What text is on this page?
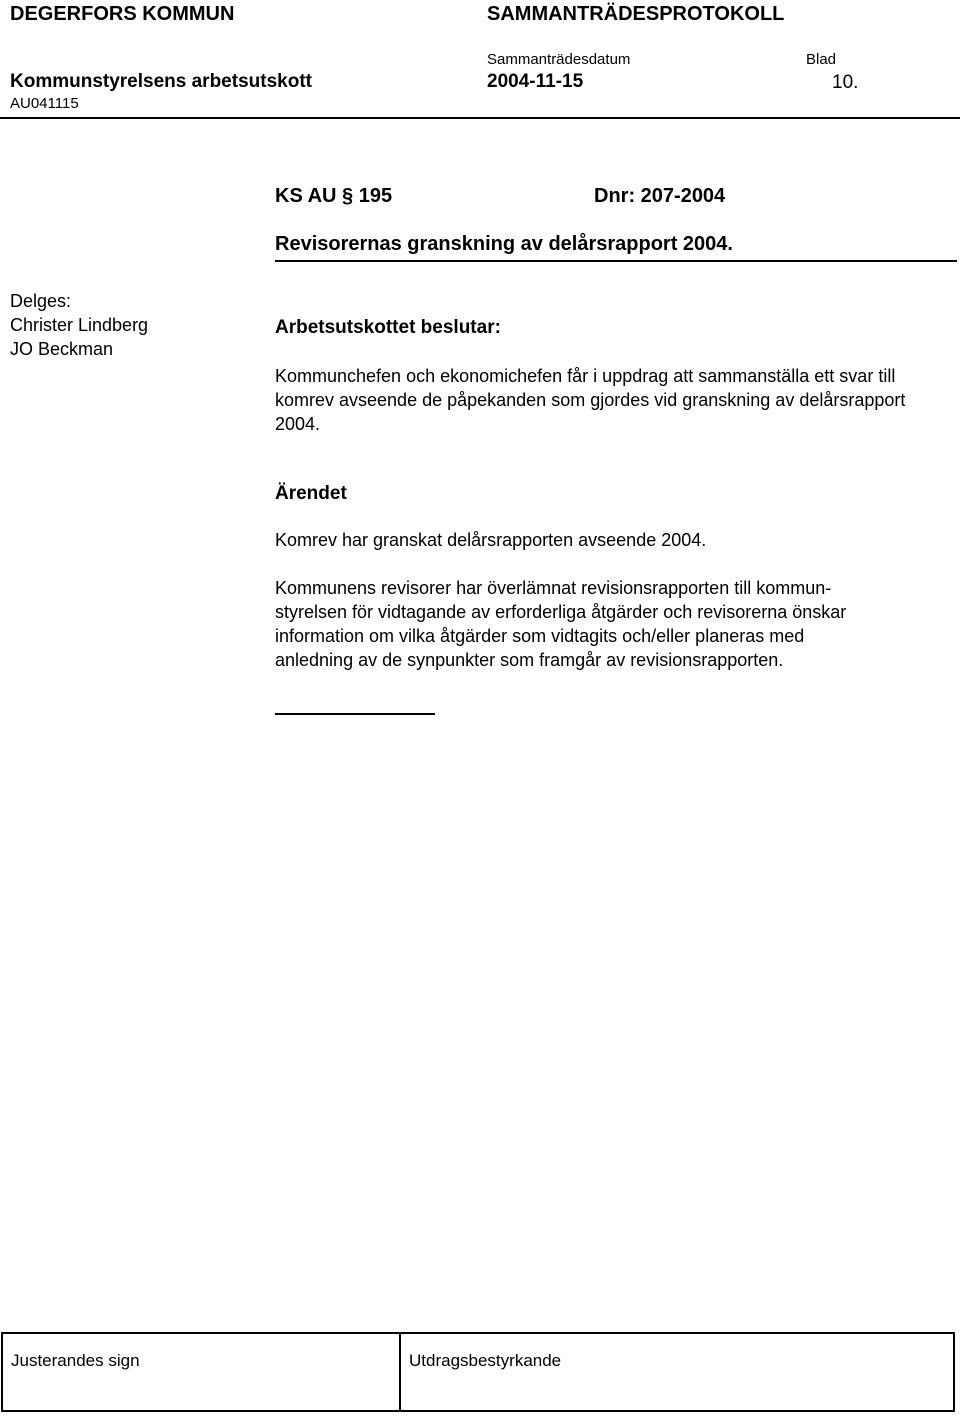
DEGERFORS KOMMUN	SAMMANTRÄDESPROTOKOLL
Sammanträdesdatum	Blad
Kommunstyrelsens arbetsutskott	2004-11-15	10.
AU041115
KS AU § 195	Dnr: 207-2004
Revisorernas granskning av delårsrapport 2004.
Delges:
Christer Lindberg
JO Beckman
Arbetsutskottet beslutar:
Kommunchefen och ekonomichefen får i uppdrag att sammanställa ett svar till komrev avseende de påpekanden som gjordes vid granskning av delårsrapport 2004.
Ärendet
Komrev har granskat delårsrapporten avseende 2004.
Kommunens revisorer har överlämnat revisionsrapporten till kommun-
styrelsen för vidtagande av erforderliga åtgärder och revisorerna önskar
information om vilka åtgärder som vidtagits och/eller planeras med
anledning av de synpunkter som framgår av revisionsrapporten.
Justerandes sign	Utdragsbestyrkande
